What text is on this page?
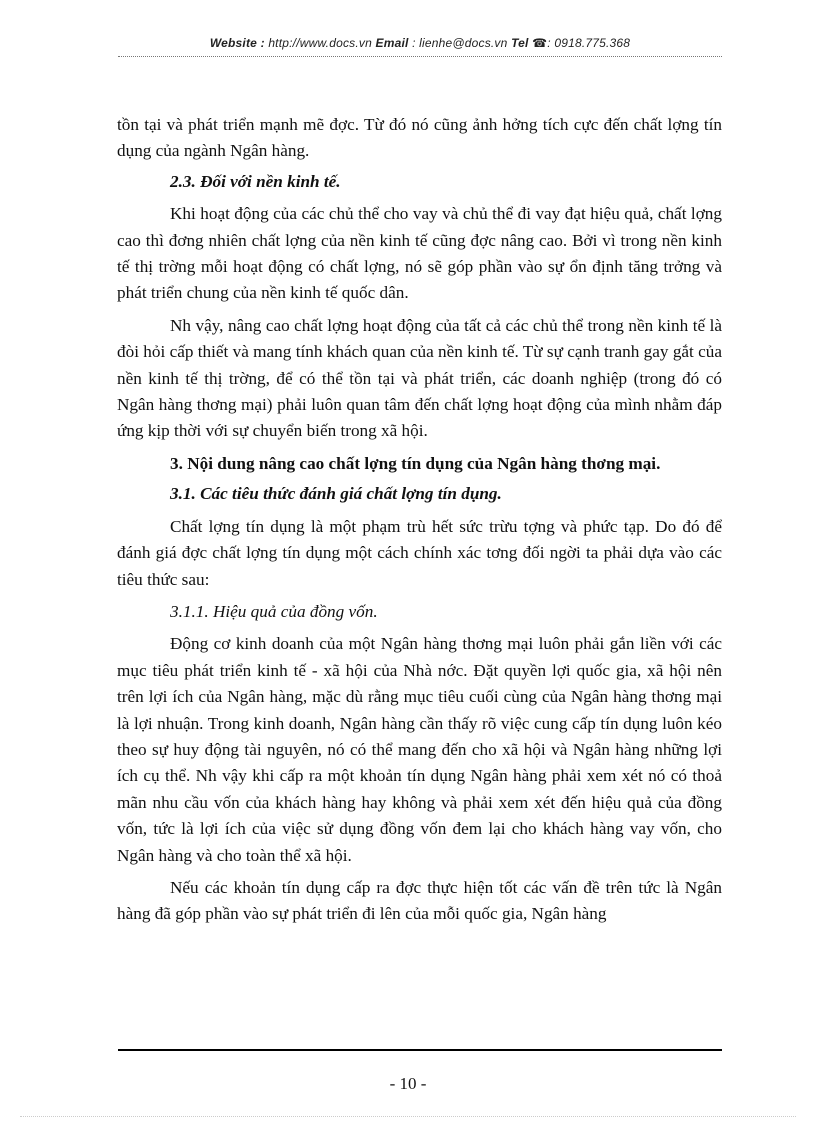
Website : http://www.docs.vn Email : lienhe@docs.vn Tel ☎: 0918.775.368

tồn tại và phát triển mạnh mẽ đợc. Từ đó nó cũng ảnh hởng tích cực đến chất lợng tín dụng của ngành Ngân hàng.

2.3. Đối với nền kinh tế.

Khi hoạt động của các chủ thể cho vay và chủ thể đi vay đạt hiệu quả, chất lợng cao thì đơng nhiên chất lợng của nền kinh tế cũng đợc nâng cao. Bởi vì trong nền kinh tế thị trờng mỗi hoạt động có chất lợng, nó sẽ góp phần vào sự ổn định tăng trởng và phát triển chung của nền kinh tế quốc dân.

Nh vậy, nâng cao chất lợng hoạt động của tất cả các chủ thể trong nền kinh tế là đòi hỏi cấp thiết và mang tính khách quan của nền kinh tế. Từ sự cạnh tranh gay gắt của nền kinh tế thị trờng, để có thể tồn tại và phát triển, các doanh nghiệp (trong đó có Ngân hàng thơng mại) phải luôn quan tâm đến chất lợng hoạt động của mình nhằm đáp ứng kịp thời với sự chuyển biến trong xã hội.

3. Nội dung nâng cao chất lợng tín dụng của Ngân hàng thơng mại.

3.1. Các tiêu thức đánh giá chất lợng tín dụng.

Chất lợng tín dụng là một phạm trù hết sức trừu tợng và phức tạp. Do đó để đánh giá đợc chất lợng tín dụng một cách chính xác tơng đối ngời ta phải dựa vào các tiêu thức sau:

3.1.1. Hiệu quả của đồng vốn.

Động cơ kinh doanh của một Ngân hàng thơng mại luôn phải gắn liền với các mục tiêu phát triển kinh tế - xã hội của Nhà nớc. Đặt quyền lợi quốc gia, xã hội nên trên lợi ích của Ngân hàng, mặc dù rằng mục tiêu cuối cùng của Ngân hàng thơng mại là lợi nhuận. Trong kinh doanh, Ngân hàng cần thấy rõ việc cung cấp tín dụng luôn kéo theo sự huy động tài nguyên, nó có thể mang đến cho xã hội và Ngân hàng những lợi ích cụ thể. Nh vậy khi cấp ra một khoản tín dụng Ngân hàng phải xem xét nó có thoả mãn nhu cầu vốn của khách hàng hay không và phải xem xét đến hiệu quả của đồng vốn, tức là lợi ích của việc sử dụng đồng vốn đem lại cho khách hàng vay vốn, cho Ngân hàng và cho toàn thể xã hội.

Nếu các khoản tín dụng cấp ra đợc thực hiện tốt các vấn đề trên tức là Ngân hàng đã góp phần vào sự phát triển đi lên của mỗi quốc gia, Ngân hàng

- 10 -
